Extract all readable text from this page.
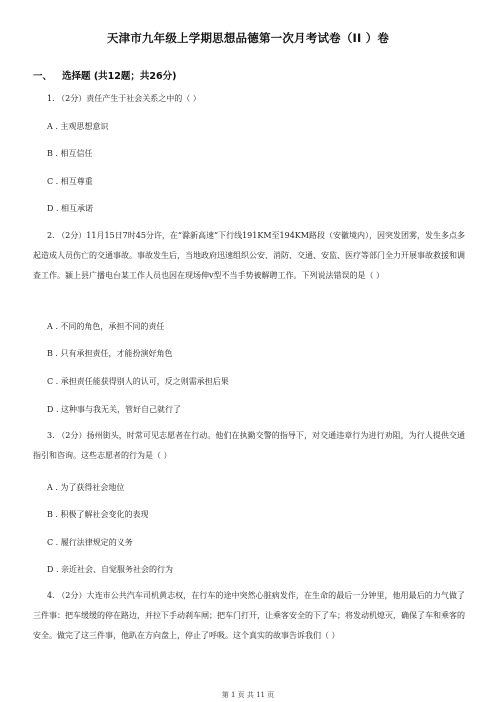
天津市九年级上学期思想品德第一次月考试卷（II ）卷
一、 选择题 (共12题；共26分)
1. （2分）责任产生于社会关系之中的（ ）
A . 主观思想意识
B . 相互信任
C . 相互尊重
D . 相互承诺
2. （2分）11月15日7时45分许，在“滁新高速”下行线191KM至194KM路段（安徽境内），因突发团雾，发生多点多起造成人员伤亡的交通事故。事故发生后，当地政府迅速组织公安、消防、交通、安监、医疗等部门全力开展事故救援和调查工作。颍上县广播电台某工作人员也因在现场伸v型不当手势被解聘工作。下列说法错误的是（ ）
A . 不同的角色，承担不同的责任
B . 只有承担责任，才能扮演好角色
C . 承担责任能获得别人的认可，反之则需承担后果
D . 这种事与我无关，管好自己就行了
3. （2分）扬州街头，时常可见志愿者在行动。他们在执勤交警的指导下，对交通违章行为进行劝阻，为行人提供交通指引和咨询。这些志愿者的行为是（ ）
A . 为了获得社会地位
B . 积极了解社会变化的表现
C . 履行法律规定的义务
D . 亲近社会、自觉服务社会的行为
4. （2分）大连市公共汽车司机黄志权，在行车的途中突然心脏病发作，在生命的最后一分钟里，他用最后的力气做了三件事：把车缓缓的停在路边，并拉下手动刹车闸；把车门打开，让乘客安全的下了车；将发动机熄灭，确保了车和乘客的安全。做完了这三件事，他趴在方向盘上，停止了呼吸。这个真实的故事告诉我们（ ）
第 1 页 共 11 页
